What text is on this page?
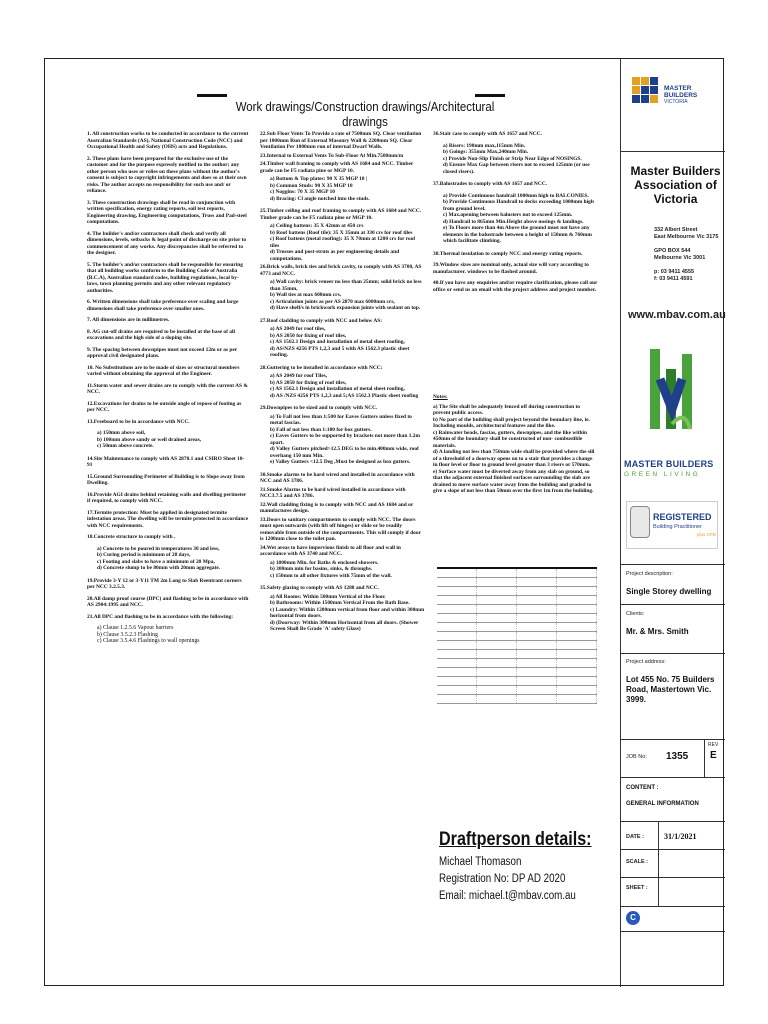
Work drawings/Construction drawings/Architectural drawings
1. All construction works to be conducted in accordance to the current Australian Standards (AS), National Construction Code (NCC) and Occupational Health and Safety (OHS) acts and Regulations.
2. These plans have been prepared for the exclusive use of the customer and for the purpose expressly notified to the author; any other person who uses or relies on these plans without the author's consent is subject to copyright infringements and does so at their own risks. The author accepts no responsibility for such use and/ or reliance.
3. These construction drawings shall be read in conjunction with written specification, energy rating reports, soil test reports, Engineering drawing, Engineering computations, Truss and Pad-steel computations.
4. The builder's and/or contractors shall check and verify all dimensions, levels, setbacks & legal point of discharge on site prior to commencement of any works. Any discrepancies shall be referred to the designer.
5. The builder's and/or contractors shall be responsible for ensuring that all building works conform to the Building Code of Australia (B.C.A), Australian standard codes, building regulations, local by-laws, town planning permits and any other relevant regulatory authorities.
6. Written dimensions shall take preference over scaling and large dimensions shall take preference over smaller ones.
7. All dimensions are in millimetres.
8. AG cut-off drains are required to be installed at the base of all excavations and the high side of a sloping site.
9. The spacing between downpipes must not exceed 12m or as per approval civil designated plans.
10. No Substitutions are to be made of sizes or structural members varied without obtaining the approval of the Engineer.
11.Storm water and sewer drains are to comply with the current AS & NCC.
12.Excavations for drains to be outside angle of repose of footing as per NCC.
13.Freeboard to be in accordance with NCC.
a) 150mm above soil,
b) 100mm above sandy or well drained areas,
c) 50mm above concrete.
14.Site Maintenance to comply with AS 2870.1 and CSIRO Sheet 10-91
15.Ground Surrounding Perimeter of Building is to Slope away from Dwelling.
16.Provide AGI drains behind retaining walls and dwelling perimeter if required, to comply with NCC.
17.Termite protection: Must be applied in designated termite infestation areas. The dwelling will be termite protected in accordance with NCC requirements.
18.Concrete structure to comply with .
a) Concrete to be poured in temperatures 30 and less,
b) Curing period is minimum of 28 days,
c) Footing and slabs to have a minimum of 20 Mpa,
d) Concrete slump to be 80mm with 20mm aggregate.
19.Provide 3-Y 12 or 3-Y11 TM 2m Long to Slab Reentrant corners per NCC 3.2.5.3.
20.All damp proof course (DPC) and flashing to be in accordance with AS 2904:1995 and NCC.
21.All DPC and flashing to be in accordance with the following:
a) Clause 1.2.5.6 Vapour barriers
b) Clause 3.5.2.3 Flashing
c) Clause 3.5.4.6 Flashings to wall openings
22.Sub Floor Vents To Provide a rate of 7500mm SQ. Clear ventilation per 1000mm Run of External Masonry Wall & 2200mm SQ. Clear Ventilation Per 1000mm run of internal Dwarf Walls.
23.Internal to External Vents To Sub-Floor At Min.7500mm/m
24.Timber wall framing to comply with AS 1684 and NCC. Timber grade can be F5 radiata pine or MGP 10.
a) Bottom & Top plates: 90 X 35 MGP 10 |
b) Common Studs: 90 X 35 MGP 10
c) Noggins: 70 X 35 MGP 10
d) Bracing: Cl angle notched into the studs.
25.Timber ceiling and roof framing to comply with AS 1684 and NCC. Timber grade can be F5 radiata pine or MGP 10.
a) Ceiling battens: 35 X 42mm at 450 crs
b) Roof battens (Roof tile): 35 X 35mm at 330 crs for roof tiles
c) Roof battens (metal roofing): 35 X 70mm at 1200 crs for roof tiles
d) Trusses and post-struts as per engineering details and computations.
26.Brick walls, brick ties and brick cavity, to comply with AS 3700, AS 4773 and NCC.
a) Wall cavity: brick veneer no less than 25mm; solid brick no less than 35mm,
b) Wall ties at max 600mm crs,
c) Articulation joints as per AS 2870 max 6000mm crs,
d) Have shelf/s in brickwork expansion joints with sealant on top.
27.Roof cladding to comply with NCC and below AS:
a) AS 2049 for roof tiles,
b) AS 2050 for fixing of roof tiles,
c) AS 1562.1 Design and installation of metal sheet roofing,
d) AS/NZS 4256 PTS 1,2,3 and 5 with AS 1562.3 plastic sheet roofing.
28.Guttering to be installed in accordance with NCC:
a) AS 2049 for roof Tiles,
b) AS 2050 for fixing of roof tiles,
c) AS 1562.1 Design and installation of metal sheet roofing,
d) AS /NZS 4256 PTS 1,2,3 and 5;AS 1562.3 Plastic sheet roofing
29.Downpipes to be sized and to comply with NCC.
a) To Fall not less than 1:500 for Eaves Gutters unless fixed to metal fascias.
b) Fall of not less than 1:100 for box gutters.
c) Eaves Gutters to be supported by brackets not more than 1.2m apart.
d) Valley Gutters pitched>12.5 DEG to be min.400mm wide, roof overhang 150 mm Min.
e) Valley Gutters <12.5 Deg ,Must be designed as box gutters.
30.Smoke alarms to be hard wired and installed in accordance with NCC and AS 3786.
31.Smoke Alarms to be hard wired installed in accordance with NCC3.7.5 and AS 3786.
32.Wall cladding fixing is to comply with NCC and AS 1684 and or manufactures design.
33.Doors to sanitary compartments to comply with NCC. The doors must open outwards (with lift off hinges) or slide or be readily removable from outside of the compartments. This will comply if door is 1200mm close to the toilet pan.
34.Wet areas to have impervious finish to all floor and wall in accordance with AS 3740 and NCC.
a) 1800mm Min. for Baths & enclosed showers.
b) 300mm min for basins, sinks, & throughs.
c) 150mm to all other fixtures with 75mm of the wall.
35.Safety glazing to comply with AS 1288 and NCC.
a) All Rooms: Within 500mm Vertical of the Floor.
b) Bathrooms: Within 1500mm Vertical From the Bath Base.
c) Laundry: Within 1200mm vertical from floor and within 300mm horizontal from doors.
d) (Doorway: Within 300mm Horizontal from all doors. (Shower Screen Shall Be Grade 'A' safety Glass)
36.Stair case to comply with AS 1657 and NCC.
a) Risers: 190mm max,115mm Min.
b) Goings: 355mm Max,240mm Min.
c) Provide Non-Slip Finish or Strip Near Edge of NOSINGS.
d) Ensure Max Gap between risers not to exceed 125mm (or use closed risers).
37.Balustrades to comply with AS 1657 and NCC.
a) Provide Continuous handrail 1000mm high to BALCONIES.
b) Provide Continuous Handrail to decks exceeding 1000mm high from ground level.
c) Max.opening between balusters not to exceed 125mm.
d) Handrail to 865mm Min.Height above nosings & landings.
e) To Floors more than 4m Above the ground must not have any elements in the balustrade between a height of 150mm & 760mm which facilitate climbing.
38.Thermal insulation to comply NCC and energy rating reports.
39.Window sizes are nominal only, actual size will vary according to manufacturer. windows to be flashed around.
40.If you have any enquiries and/or require clarification, please call our office or send us an email with the project address and project number.
Notes:
a) The Site shall be adequately fenced off during construction to prevent public access.
b) No part of the building shall project beyond the boundary line, ie. Including moulds, architectural features and the like.
c) Rainwater heads, fascias, gutters, downpipes, and the like within 450mm of the boundary shall be constructed of non- combustible materials.
d) A landing not less than 750mm wide shall be provided where the sill of a threshold of a doorway opens on to a stair that provides a change in floor level or floor to ground level greater than 3 risers or 570mm.
e) Surface water must be diverted away from any slab on ground, so that the adjacent external finished surfaces surrounding the slab are drained to move surface water away from the building and graded to give a slope of not less than 50mm over the first 1m from the building.
Draftperson details:
Michael Thomason
Registration No: DP AD 2020
Email: michael.t@mbav.com.au
MASTER
BUILDERS
VICTORIA
Master Builders Association of Victoria
332 Albert Street
East Melbourne Vic 3175

GPO BOX 544
Melbourne Vic 3001

p: 03 9411 4555
f: 03 9411 4591
www.mbav.com.au
MASTER BUILDERS
GREEN LIVING
REGISTERED
Building Practitioner
plus CPD
Project description:
Single Storey dwelling
Clients:
Mr. & Mrs. Smith
Project address:
Lot 455 No. 75 Builders Road, Mastertown Vic. 3999.
JOB No: 1355
REV
E
CONTENT :
GENERAL INFORMATION
DATE :	31/1/2021
SCALE :
SHEET :
C
